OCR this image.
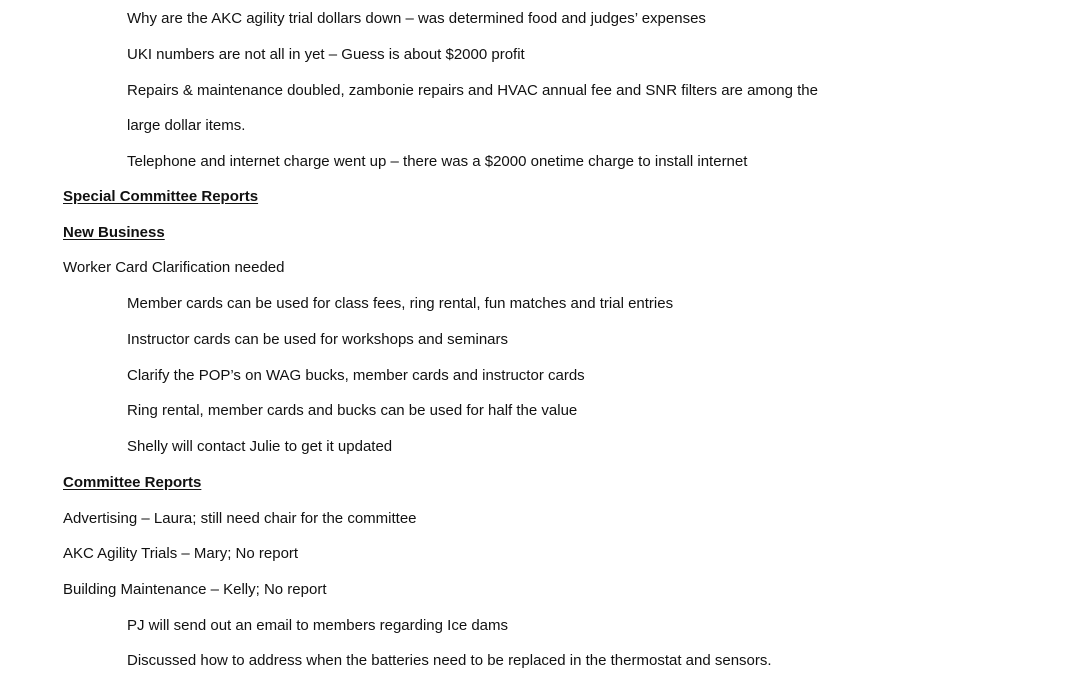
Why are the AKC agility trial dollars down – was determined food and judges’ expenses
UKI numbers are not all in yet – Guess is about $2000 profit
Repairs & maintenance doubled, zambonie repairs and HVAC annual fee and SNR filters are among the
large dollar items.
Telephone and internet charge went up – there was a $2000 onetime charge to install internet
Special Committee Reports
New Business
Worker Card Clarification needed
Member cards can be used for class fees, ring rental, fun matches and trial entries
Instructor cards can be used for workshops and seminars
Clarify the POP’s on WAG bucks, member cards and instructor cards
Ring rental, member cards and bucks can be used for half the value
Shelly will contact Julie to get it updated
Committee Reports
Advertising – Laura; still need chair for the committee
AKC Agility Trials – Mary; No report
Building Maintenance – Kelly; No report
PJ will send out an email to members regarding Ice dams
Discussed how to address when the batteries need to be replaced in the thermostat and sensors.
